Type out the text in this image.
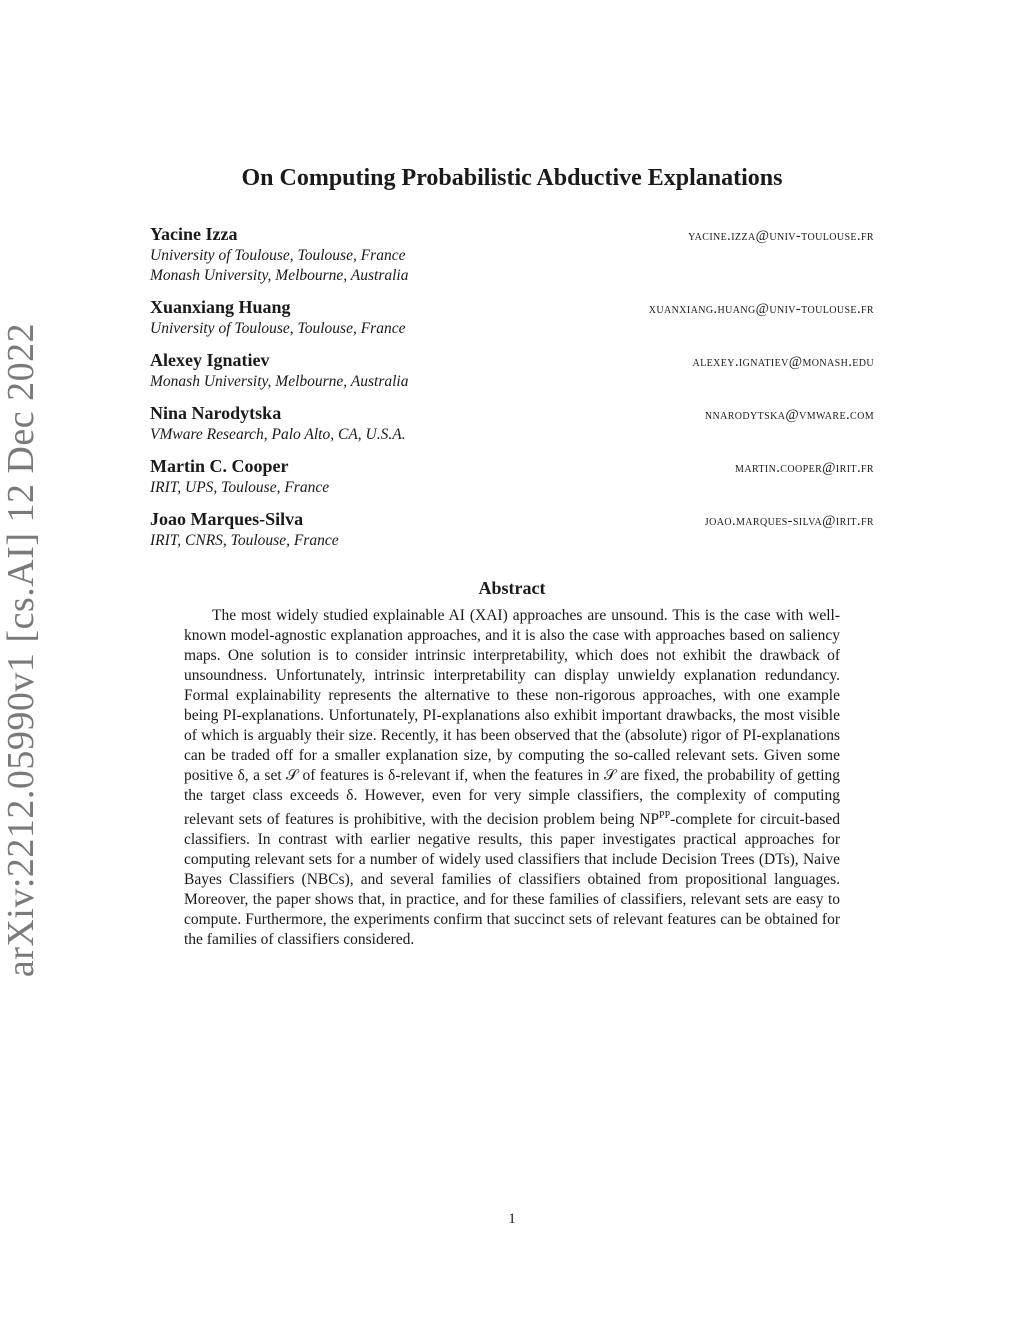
arXiv:2212.05990v1 [cs.AI] 12 Dec 2022
On Computing Probabilistic Abductive Explanations
Yacine Izza	yacine.izza@univ-toulouse.fr
University of Toulouse, Toulouse, France
Monash University, Melbourne, Australia
Xuanxiang Huang	xuanxiang.huang@univ-toulouse.fr
University of Toulouse, Toulouse, France
Alexey Ignatiev	alexey.ignatiev@monash.edu
Monash University, Melbourne, Australia
Nina Narodytska	nnarodytska@vmware.com
VMware Research, Palo Alto, CA, U.S.A.
Martin C. Cooper	martin.cooper@irit.fr
IRIT, UPS, Toulouse, France
Joao Marques-Silva	joao.marques-silva@irit.fr
IRIT, CNRS, Toulouse, France
Abstract

The most widely studied explainable AI (XAI) approaches are unsound. This is the case with well-known model-agnostic explanation approaches, and it is also the case with approaches based on saliency maps. One solution is to consider intrinsic interpretability, which does not exhibit the drawback of unsoundness. Unfortunately, intrinsic interpretability can display unwieldy explanation redundancy. Formal explainability represents the alternative to these non-rigorous approaches, with one example being PI-explanations. Unfortunately, PI-explanations also exhibit important drawbacks, the most visible of which is arguably their size. Recently, it has been observed that the (absolute) rigor of PI-explanations can be traded off for a smaller explanation size, by computing the so-called relevant sets. Given some positive δ, a set 𝒮 of features is δ-relevant if, when the features in 𝒮 are fixed, the probability of getting the target class exceeds δ. However, even for very simple classifiers, the complexity of computing relevant sets of features is prohibitive, with the decision problem being $NP^{PP}$-complete for circuit-based classifiers. In contrast with earlier negative results, this paper investigates practical approaches for computing relevant sets for a number of widely used classifiers that include Decision Trees (DTs), Naive Bayes Classifiers (NBCs), and several families of classifiers obtained from propositional languages. Moreover, the paper shows that, in practice, and for these families of classifiers, relevant sets are easy to compute. Furthermore, the experiments confirm that succinct sets of relevant features can be obtained for the families of classifiers considered.

1
